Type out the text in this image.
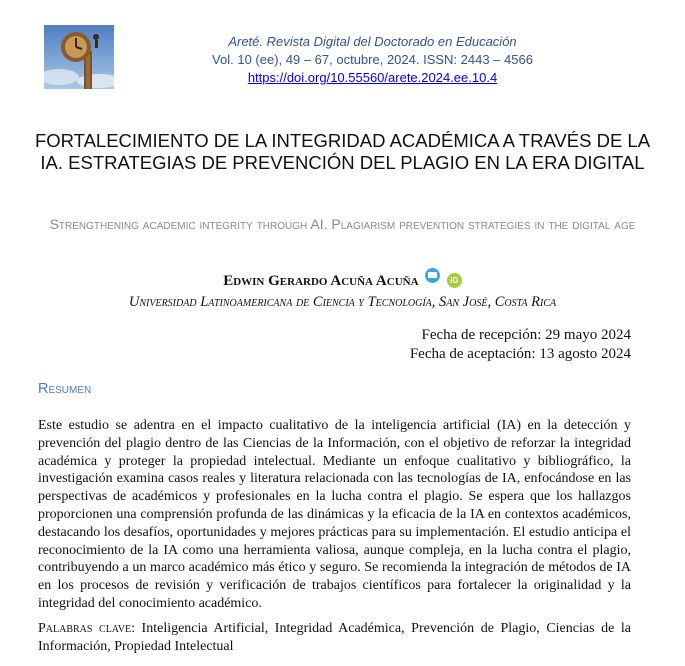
Areté. Revista Digital del Doctorado en Educación
Vol. 10 (ee), 49 – 67, octubre, 2024. ISSN: 2443 – 4566
https://doi.org/10.55560/arete.2024.ee.10.4
FORTALECIMIENTO DE LA INTEGRIDAD ACADÉMICA A TRAVÉS DE LA IA. ESTRATEGIAS DE PREVENCIÓN DEL PLAGIO EN LA ERA DIGITAL
Strengthening academic integrity through AI. Plagiarism prevention strategies in the digital age
Edwin Gerardo Acuña Acuña	iD
Universidad Latinoamericana de Ciencia y Tecnología, San José, Costa Rica
Fecha de recepción: 29 mayo 2024
Fecha de aceptación: 13 agosto 2024
Resumen

Este estudio se adentra en el impacto cualitativo de la inteligencia artificial (IA) en la detección y prevención del plagio dentro de las Ciencias de la Información, con el objetivo de reforzar la integridad académica y proteger la propiedad intelectual. Mediante un enfoque cualitativo y bibliográfico, la investigación examina casos reales y literatura relacionada con las tecnologías de IA, enfocándose en las perspectivas de académicos y profesionales en la lucha contra el plagio. Se espera que los hallazgos proporcionen una comprensión profunda de las dinámicas y la eficacia de la IA en contextos académicos, destacando los desafíos, oportunidades y mejores prácticas para su implementación. El estudio anticipa el reconocimiento de la IA como una herramienta valiosa, aunque compleja, en la lucha contra el plagio, contribuyendo a un marco académico más ético y seguro. Se recomienda la integración de métodos de IA en los procesos de revisión y verificación de trabajos científicos para fortalecer la originalidad y la integridad del conocimiento académico.

Palabras clave: Inteligencia Artificial, Integridad Académica, Prevención de Plagio, Ciencias de la Información, Propiedad Intelectual
